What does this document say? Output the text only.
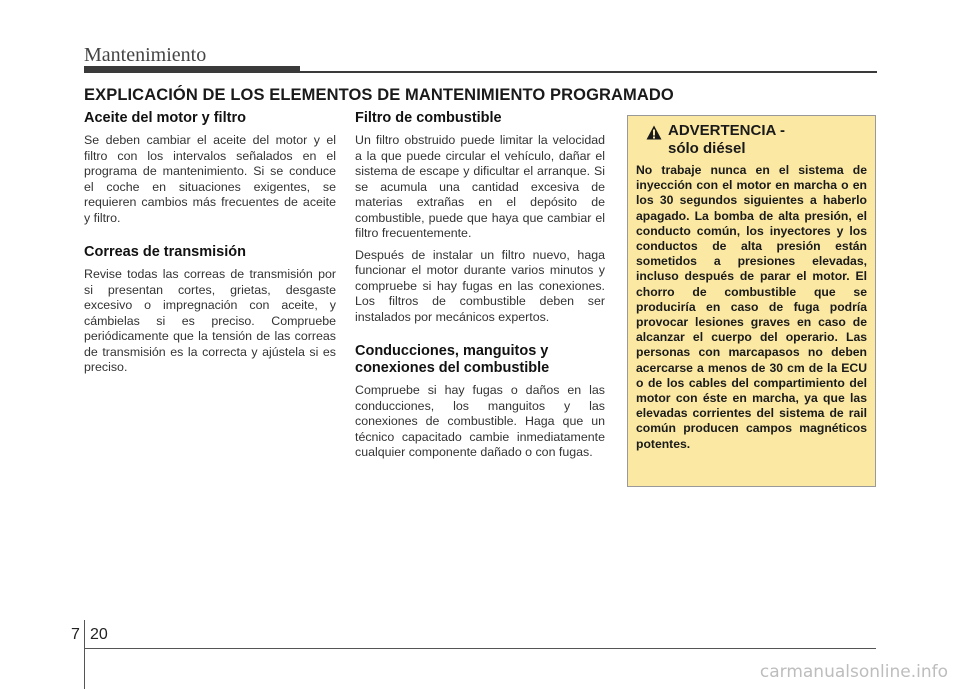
Mantenimiento
EXPLICACIÓN DE LOS ELEMENTOS DE MANTENIMIENTO PROGRAMADO
Aceite del motor y filtro
Se deben cambiar el aceite del motor y el filtro con los intervalos señalados en el programa de mantenimiento. Si se conduce el coche en situaciones exigentes, se requieren cambios más frecuentes de aceite y filtro.
Correas de transmisión
Revise todas las correas de transmisión por si presentan cortes, grietas, desgaste excesivo o impregnación con aceite, y cámbielas si es preciso. Compruebe periódicamente que la tensión de las correas de transmisión es la correcta y ajústela si es preciso.
Filtro de combustible
Un filtro obstruido puede limitar la velocidad a la que puede circular el vehículo, dañar el sistema de escape y dificultar el arranque. Si se acumula una cantidad excesiva de materias extrañas en el depósito de combustible, puede que haya que cambiar el filtro frecuentemente.
Después de instalar un filtro nuevo, haga funcionar el motor durante varios minutos y compruebe si hay fugas en las conexiones. Los filtros de combustible deben ser instalados por mecánicos expertos.
Conducciones, manguitos y conexiones del combustible
Compruebe si hay fugas o daños en las conducciones, los manguitos y las conexiones de combustible. Haga que un técnico capacitado cambie inmediatamente cualquier componente dañado o con fugas.
ADVERTENCIA -
sólo diésel
No trabaje nunca en el sistema de inyección con el motor en marcha o en los 30 segundos siguientes a haberlo apagado. La bomba de alta presión, el conducto común, los inyectores y los conductos de alta presión están sometidos a presiones elevadas, incluso después de parar el motor. El chorro de combustible que se produciría en caso de fuga podría provocar lesiones graves en caso de alcanzar el cuerpo del operario. Las personas con marcapasos no deben acercarse a menos de 30 cm de la ECU o de los cables del compartimiento del motor con éste en marcha, ya que las elevadas corrientes del sistema de rail común producen campos magnéticos potentes.
7 20
carmanualsonline.info
